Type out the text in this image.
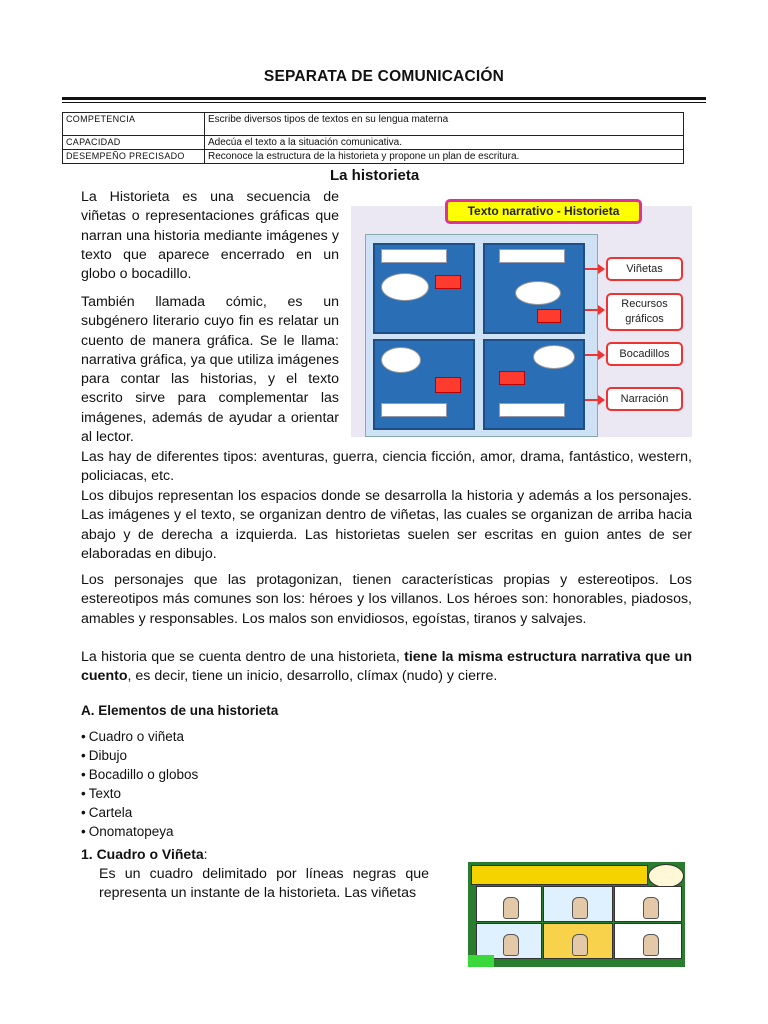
SEPARATA DE COMUNICACIÓN
COMPETENCIA	Escribe diversos tipos de textos en su lengua materna
CAPACIDAD	Adecúa el texto a la situación comunicativa.
DESEMPEÑO PRECISADO	Reconoce la estructura de la historieta y propone un plan de escritura.
La historieta
La Historieta es una secuencia de viñetas o representaciones gráficas que narran una historia mediante imágenes y texto que aparece encerrado en un globo o bocadillo.
También llamada cómic, es un subgénero literario cuyo fin es relatar un cuento de manera gráfica. Se le llama: narrativa gráfica, ya que utiliza imágenes para contar las historias, y el texto escrito sirve para complementar las imágenes, además de ayudar a orientar al lector.
Las hay de diferentes tipos: aventuras, guerra, ciencia ficción, amor, drama, fantástico, western, policiacas, etc.
Los dibujos representan los espacios donde se desarrolla la historia y además a los personajes. Las imágenes y el texto, se organizan dentro de viñetas, las cuales se organizan de arriba hacia abajo y de derecha a izquierda. Las historietas suelen ser escritas en guion antes de ser elaboradas en dibujo.
Los personajes que las protagonizan, tienen características propias y estereotipos. Los estereotipos más comunes son los: héroes y los villanos. Los héroes son: honorables, piadosos, amables y responsables. Los malos son envidiosos, egoístas, tiranos y salvajes.
La historia que se cuenta dentro de una historieta, tiene la misma estructura narrativa que un cuento, es decir, tiene un inicio, desarrollo, clímax (nudo) y cierre.
Texto narrativo - Historieta
Viñetas
Recursos gráficos
Bocadillos
Narración
A. Elementos de una historieta
• Cuadro o viñeta
• Dibujo
• Bocadillo o globos
• Texto
• Cartela
• Onomatopeya
1. Cuadro o Viñeta:
Es un cuadro delimitado por líneas negras que representa un instante de la historieta. Las viñetas
